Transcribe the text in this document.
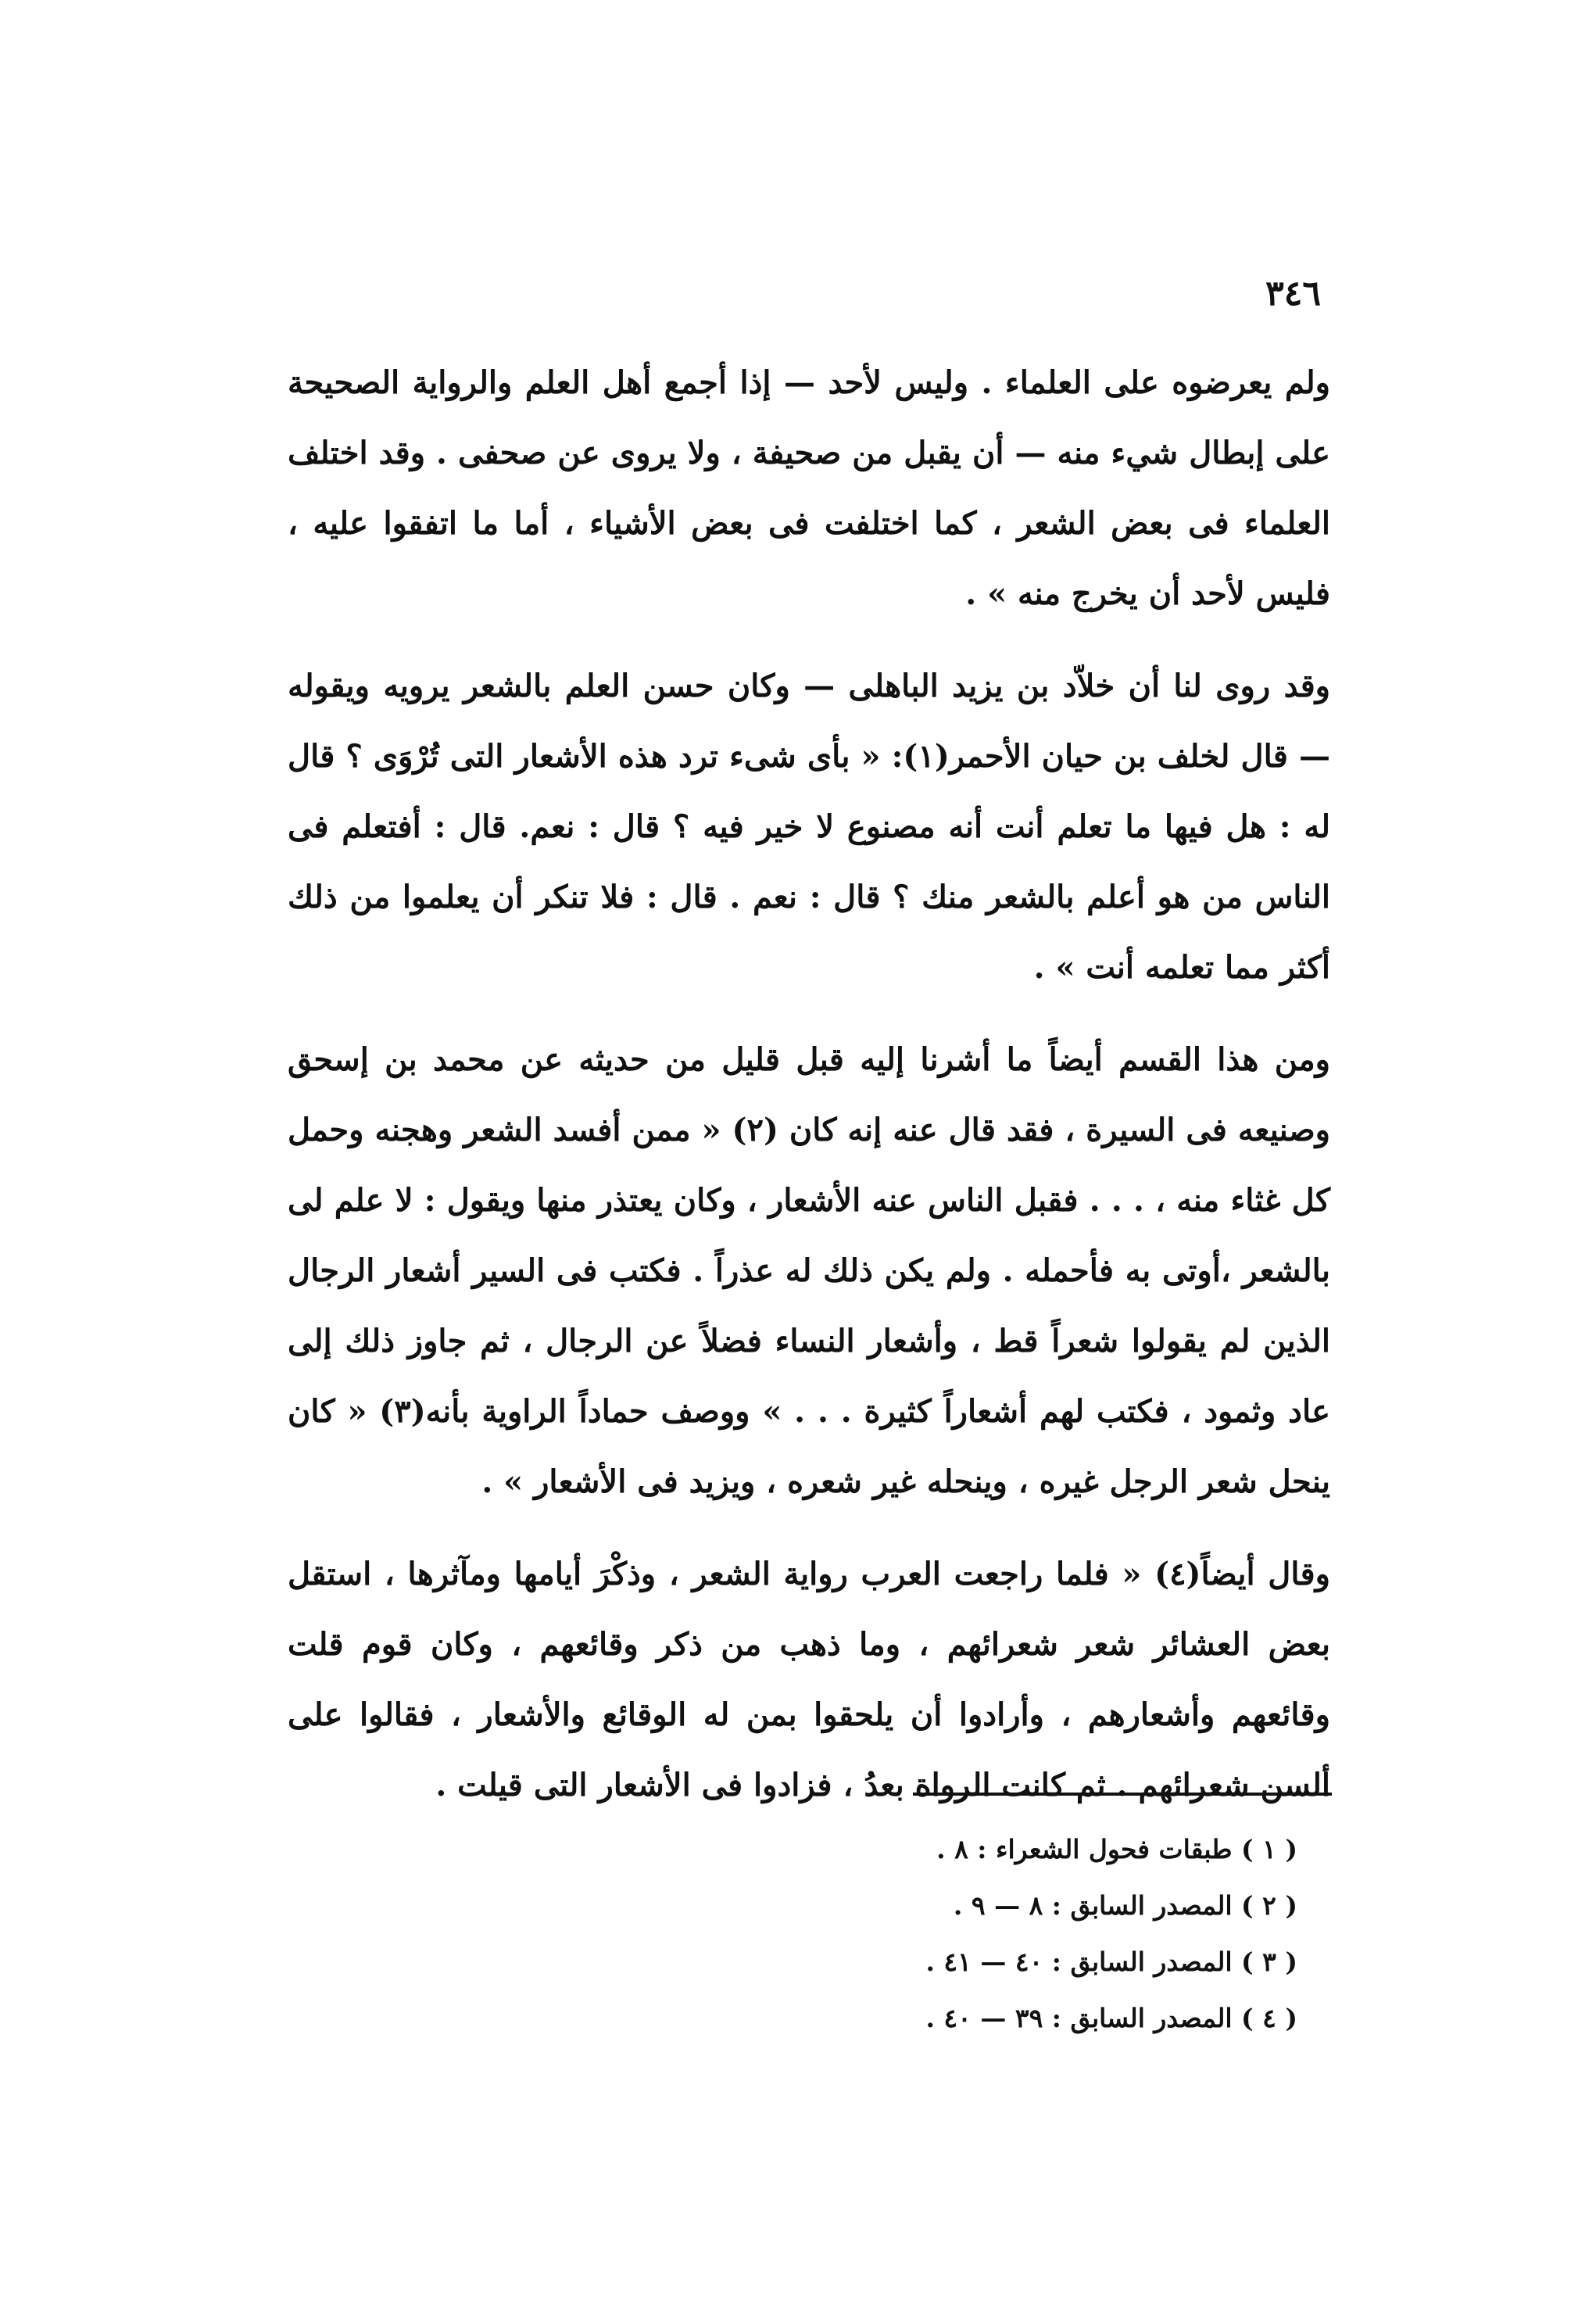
٣٤٦

ولم يعرضوه على العلماء . وليس لأحد — إذا أجمع أهل العلم والرواية الصحيحة على إبطال شيء منه — أن يقبل من صحيفة ، ولا يروى عن صحفى . وقد اختلف العلماء فى بعض الشعر ، كما اختلفت فى بعض الأشياء ، أما ما اتفقوا عليه ، فليس لأحد أن يخرج منه » .

وقد روى لنا أن خلاّد بن يزيد الباهلى — وكان حسن العلم بالشعر يرويه ويقوله — قال لخلف بن حيان الأحمر(١): « بأى شىء ترد هذه الأشعار التى تُرْوَى ؟ قال له : هل فيها ما تعلم أنت أنه مصنوع لا خير فيه ؟ قال : نعم. قال : أفتعلم فى الناس من هو أعلم بالشعر منك ؟ قال : نعم . قال : فلا تنكر أن يعلموا من ذلك أكثر مما تعلمه أنت » .

ومن هذا القسم أيضاً ما أشرنا إليه قبل قليل من حديثه عن محمد بن إسحق وصنيعه فى السيرة ، فقد قال عنه إنه كان (٢) « ممن أفسد الشعر وهجنه وحمل كل غثاء منه ، . . . فقبل الناس عنه الأشعار ، وكان يعتذر منها ويقول : لا علم لى بالشعر ،أوتى به فأحمله . ولم يكن ذلك له عذراً . فكتب فى السير أشعار الرجال الذين لم يقولوا شعراً قط ، وأشعار النساء فضلاً عن الرجال ، ثم جاوز ذلك إلى عاد وثمود ، فكتب لهم أشعاراً كثيرة . . . » ووصف حماداً الراوية بأنه(٣) « كان ينحل شعر الرجل غيره ، وينحله غير شعره ، ويزيد فى الأشعار » .

وقال أيضاً(٤) « فلما راجعت العرب رواية الشعر ، وذكْرَ أيامها ومآثرها ، استقل بعض العشائر شعر شعرائهم ، وما ذهب من ذكر وقائعهم ، وكان قوم قلت وقائعهم وأشعارهم ، وأرادوا أن يلحقوا بمن له الوقائع والأشعار ، فقالوا على ألسن شعرائهم . ثم كانت الرواة بعدُ ، فزادوا فى الأشعار التى قيلت .

( ١ ) طبقات فحول الشعراء : ٨ .
( ٢ ) المصدر السابق : ٨ — ٩ .
( ٣ ) المصدر السابق : ٤٠ — ٤١ .
( ٤ ) المصدر السابق : ٣٩ — ٤٠ .
